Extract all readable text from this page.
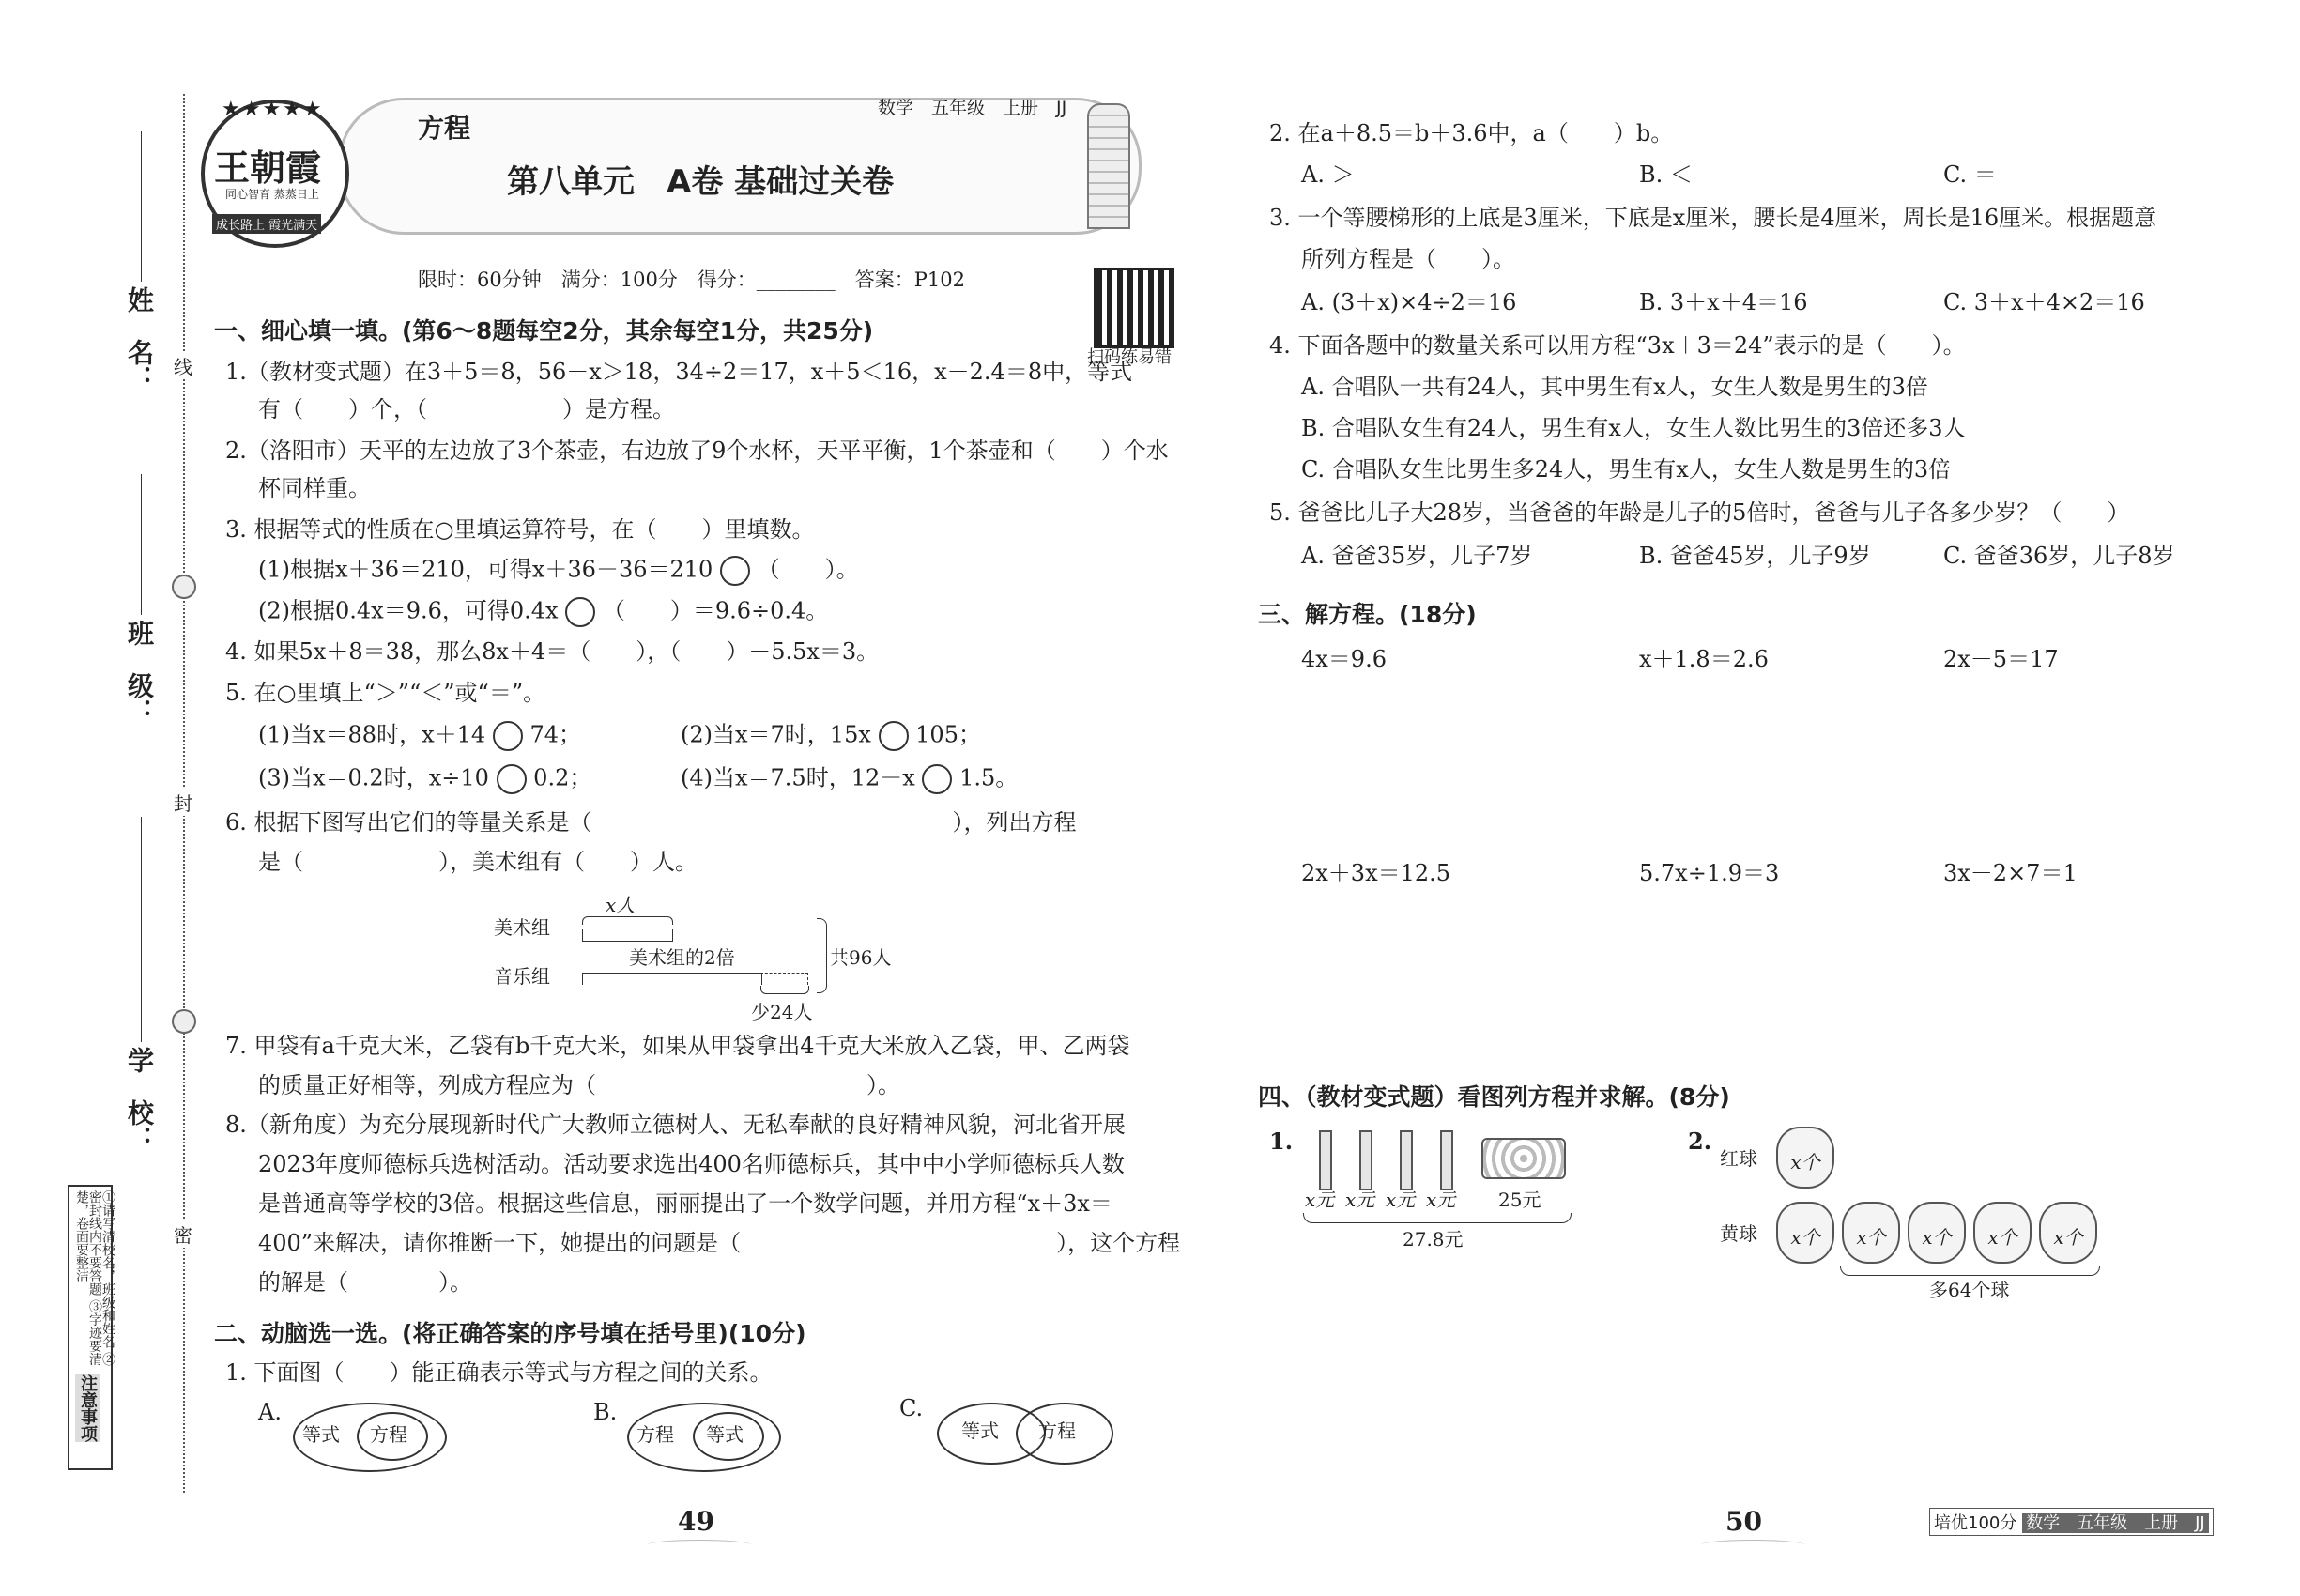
姓　名：
班　级：
学　校：
线
封
密
注意事项
①请写清校名，班级和姓名 ②密封线内不要答题 ③字迹要清楚，卷面要整洁
★★★★★
王朝霞
同心智育 蒸蒸日上
成长路上 霞光满天
方程
数学　五年级　上册　JJ
第八单元　A卷 基础过关卷
限时：60分钟　满分：100分　得分：________　答案：P102
扫码练易错
一、细心填一填。(第6～8题每空2分，其余每空1分，共25分)
1.（教材变式题）在3＋5＝8，56－x＞18，34÷2＝17，x＋5＜16，x－2.4＝8中，等式
有（　　）个，（　　　　　　）是方程。
2.（洛阳市）天平的左边放了3个茶壶，右边放了9个水杯，天平平衡，1个茶壶和（　　）个水
杯同样重。
3. 根据等式的性质在○里填运算符号，在（　　）里填数。
(1)根据x＋36＝210，可得x＋36－36＝210 （　　）。
(2)根据0.4x＝9.6，可得0.4x （　　）＝9.6÷0.4。
4. 如果5x＋8＝38，那么8x＋4＝（　　），（　　）－5.5x＝3。
5. 在○里填上“＞”“＜”或“＝”。
(1)当x＝88时，x＋14 74；	(2)当x＝7时，15x 105；
(3)当x＝0.2时，x÷10 0.2；	(4)当x＝7.5时，12－x 1.5。
6. 根据下图写出它们的等量关系是（　　　　　　　　　　　　　　　　），列出方程
是（　　　　　　），美术组有（　　）人。
美术组
音乐组
x人
美术组的2倍
少24人
共96人
7. 甲袋有a千克大米，乙袋有b千克大米，如果从甲袋拿出4千克大米放入乙袋，甲、乙两袋
的质量正好相等，列成方程应为（　　　　　　　　　　　　）。
8.（新角度）为充分展现新时代广大教师立德树人、无私奉献的良好精神风貌，河北省开展
2023年度师德标兵选树活动。活动要求选出400名师德标兵，其中中小学师德标兵人数
是普通高等学校的3倍。根据这些信息，丽丽提出了一个数学问题，并用方程“x＋3x＝
400”来解决，请你推断一下，她提出的问题是（　　　　　　　　　　　　　　），这个方程
的解是（　　　　）。
二、动脑选一选。(将正确答案的序号填在括号里)(10分)
1. 下面图（　　）能正确表示等式与方程之间的关系。
A.
等式 方程
B.
方程 等式
C.
等式 方程
49
2. 在a＋8.5＝b＋3.6中，a（　　）b。
A. ＞	B. ＜	C. ＝
3. 一个等腰梯形的上底是3厘米，下底是x厘米，腰长是4厘米，周长是16厘米。根据题意
所列方程是（　　）。
A. (3＋x)×4÷2＝16	B. 3＋x＋4＝16	C. 3＋x＋4×2＝16
4. 下面各题中的数量关系可以用方程“3x＋3＝24”表示的是（　　）。
A. 合唱队一共有24人，其中男生有x人，女生人数是男生的3倍
B. 合唱队女生有24人，男生有x人，女生人数比男生的3倍还多3人
C. 合唱队女生比男生多24人，男生有x人，女生人数是男生的3倍
5. 爸爸比儿子大28岁，当爸爸的年龄是儿子的5倍时，爸爸与儿子各多少岁？（　　）
A. 爸爸35岁，儿子7岁	B. 爸爸45岁，儿子9岁	C. 爸爸36岁，儿子8岁
三、解方程。(18分)
4x＝9.6	x＋1.8＝2.6	2x－5＝17
2x＋3x＝12.5	5.7x÷1.9＝3	3x－2×7＝1
四、（教材变式题）看图列方程并求解。(8分)
1.
x元 x元 x元 x元 25元
27.8元
2.
红球	x个
黄球	x个	x个	x个	x个	x个
多64个球
50	培优100分 数学　五年级　上册　JJ
